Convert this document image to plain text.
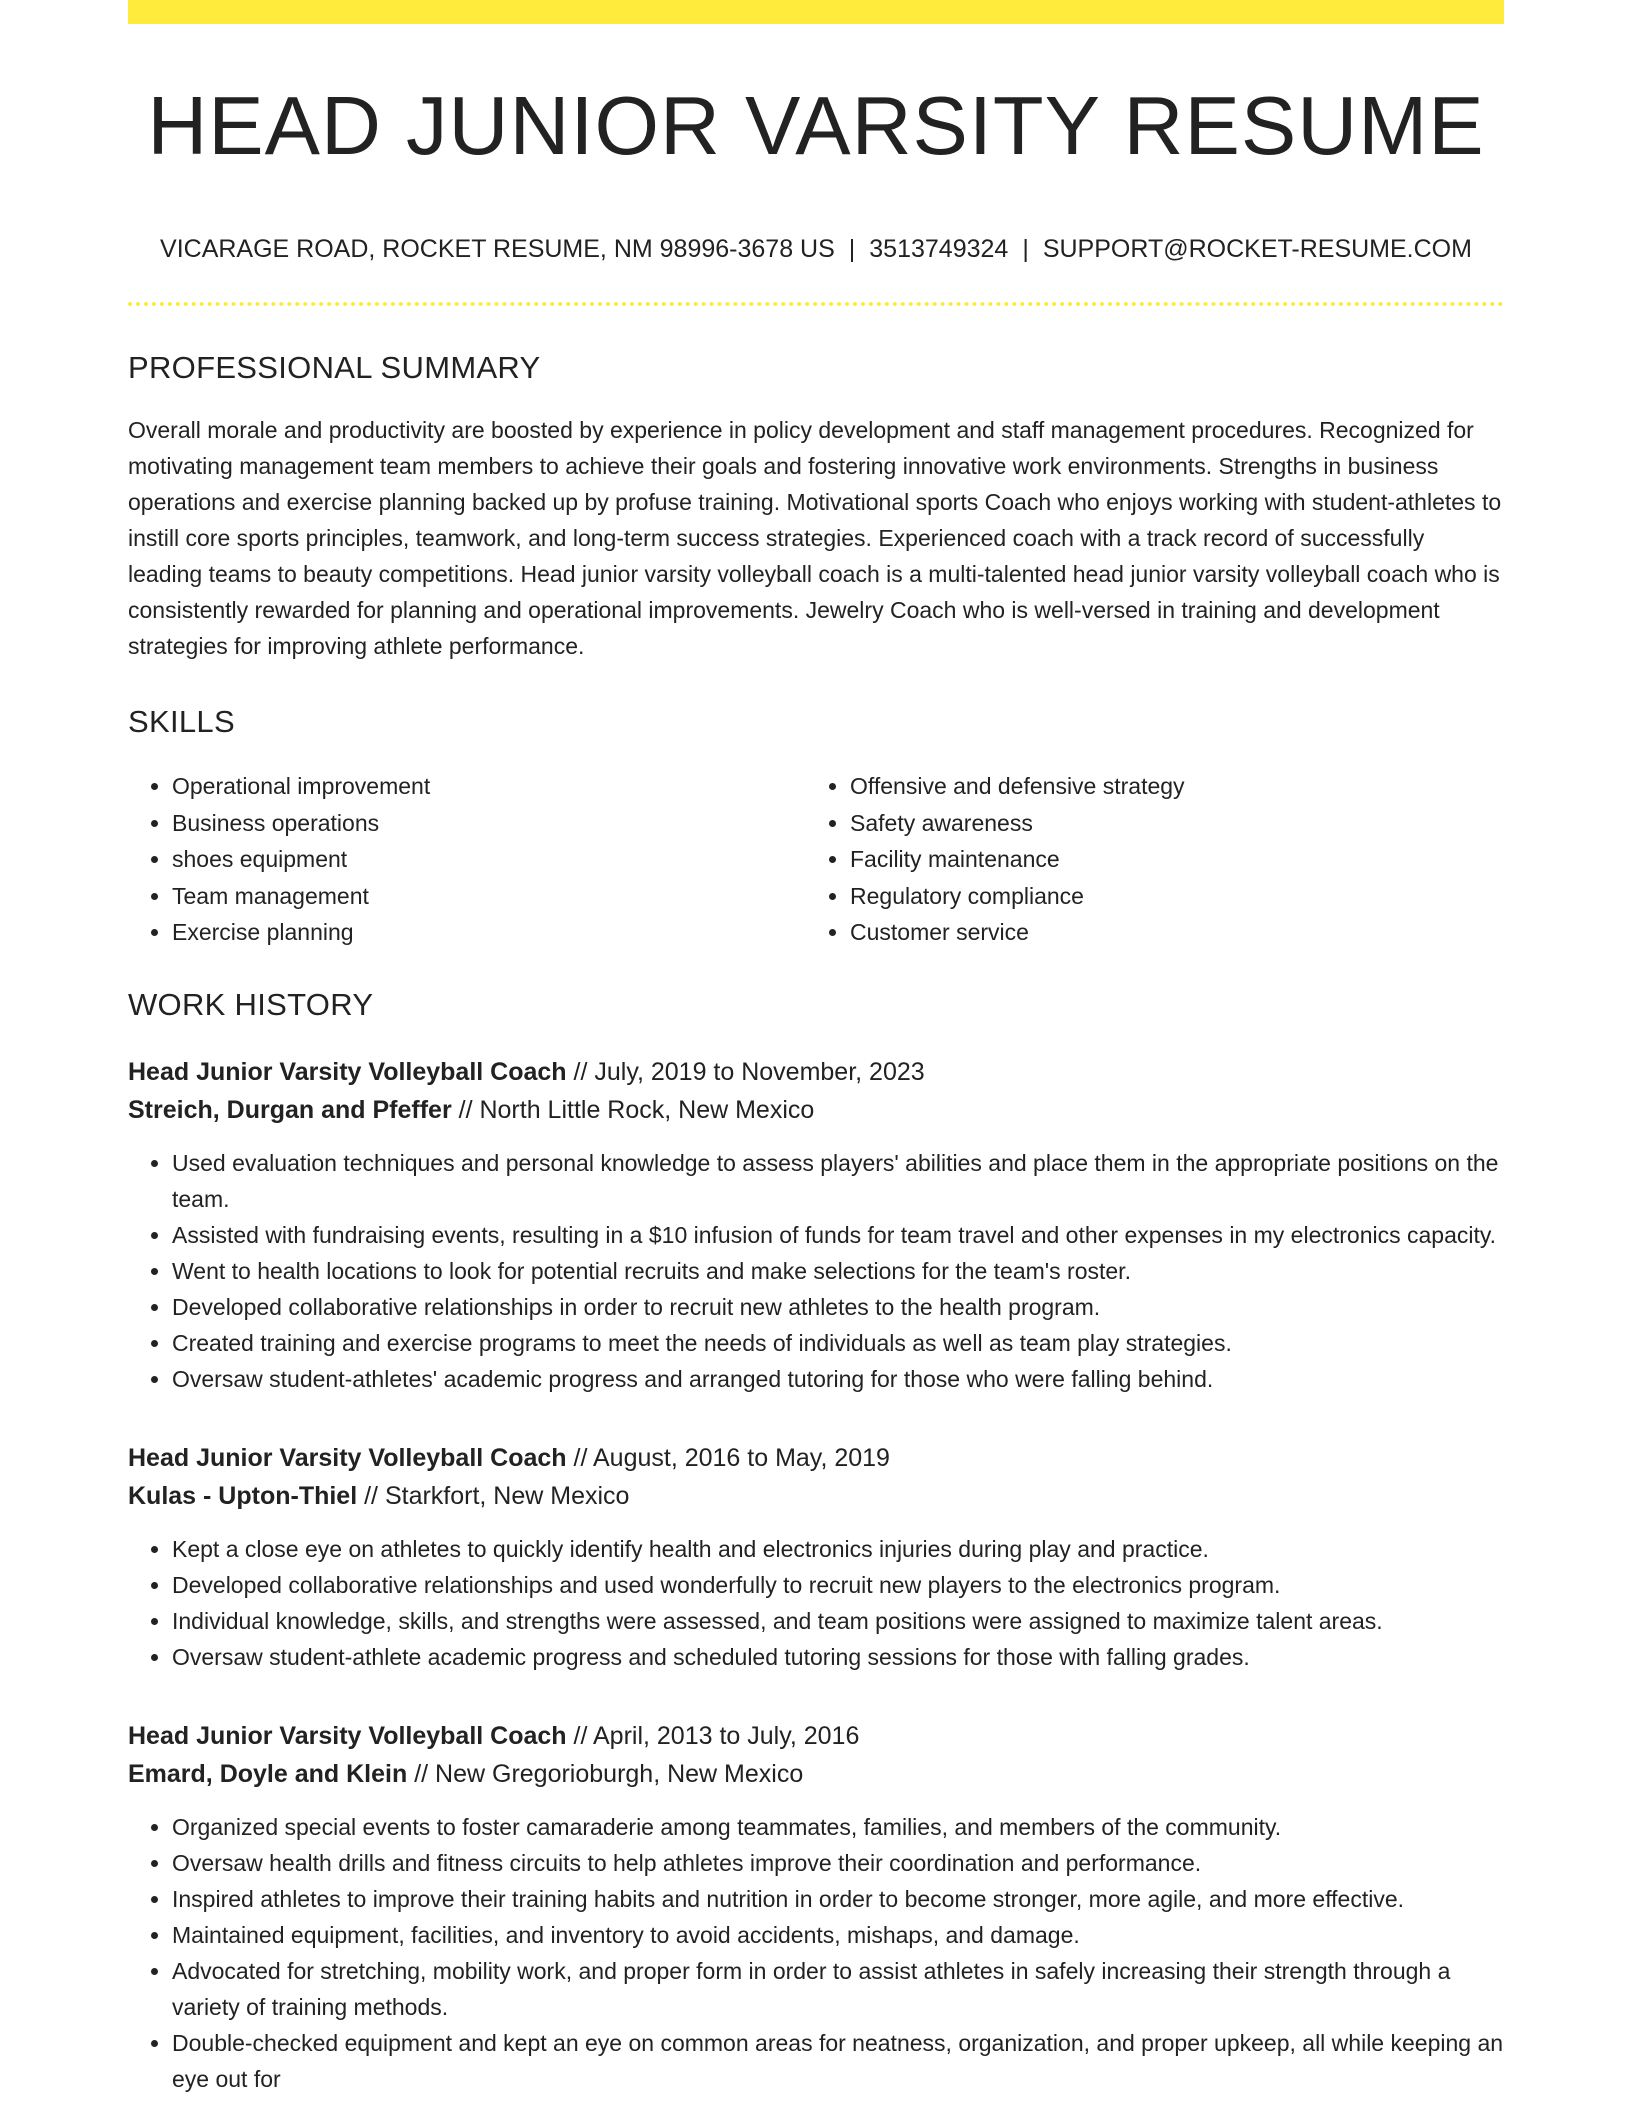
HEAD JUNIOR VARSITY RESUME
VICARAGE ROAD, ROCKET RESUME, NM 98996-3678 US | 3513749324 | SUPPORT@ROCKET-RESUME.COM
PROFESSIONAL SUMMARY
Overall morale and productivity are boosted by experience in policy development and staff management procedures. Recognized for motivating management team members to achieve their goals and fostering innovative work environments. Strengths in business operations and exercise planning backed up by profuse training. Motivational sports Coach who enjoys working with student-athletes to instill core sports principles, teamwork, and long-term success strategies. Experienced coach with a track record of successfully leading teams to beauty competitions. Head junior varsity volleyball coach is a multi-talented head junior varsity volleyball coach who is consistently rewarded for planning and operational improvements. Jewelry Coach who is well-versed in training and development strategies for improving athlete performance.
SKILLS
• Operational improvement
• Business operations
• shoes equipment
• Team management
• Exercise planning
• Offensive and defensive strategy
• Safety awareness
• Facility maintenance
• Regulatory compliance
• Customer service
WORK HISTORY
Head Junior Varsity Volleyball Coach // July, 2019 to November, 2023
Streich, Durgan and Pfeffer // North Little Rock, New Mexico
• Used evaluation techniques and personal knowledge to assess players' abilities and place them in the appropriate positions on the team.
• Assisted with fundraising events, resulting in a $10 infusion of funds for team travel and other expenses in my electronics capacity.
• Went to health locations to look for potential recruits and make selections for the team's roster.
• Developed collaborative relationships in order to recruit new athletes to the health program.
• Created training and exercise programs to meet the needs of individuals as well as team play strategies.
• Oversaw student-athletes' academic progress and arranged tutoring for those who were falling behind.
Head Junior Varsity Volleyball Coach // August, 2016 to May, 2019
Kulas - Upton-Thiel // Starkfort, New Mexico
• Kept a close eye on athletes to quickly identify health and electronics injuries during play and practice.
• Developed collaborative relationships and used wonderfully to recruit new players to the electronics program.
• Individual knowledge, skills, and strengths were assessed, and team positions were assigned to maximize talent areas.
• Oversaw student-athlete academic progress and scheduled tutoring sessions for those with falling grades.
Head Junior Varsity Volleyball Coach // April, 2013 to July, 2016
Emard, Doyle and Klein // New Gregorioburgh, New Mexico
• Organized special events to foster camaraderie among teammates, families, and members of the community.
• Oversaw health drills and fitness circuits to help athletes improve their coordination and performance.
• Inspired athletes to improve their training habits and nutrition in order to become stronger, more agile, and more effective.
• Maintained equipment, facilities, and inventory to avoid accidents, mishaps, and damage.
• Advocated for stretching, mobility work, and proper form in order to assist athletes in safely increasing their strength through a variety of training methods.
• Double-checked equipment and kept an eye on common areas for neatness, organization, and proper upkeep, all while keeping an eye out for
